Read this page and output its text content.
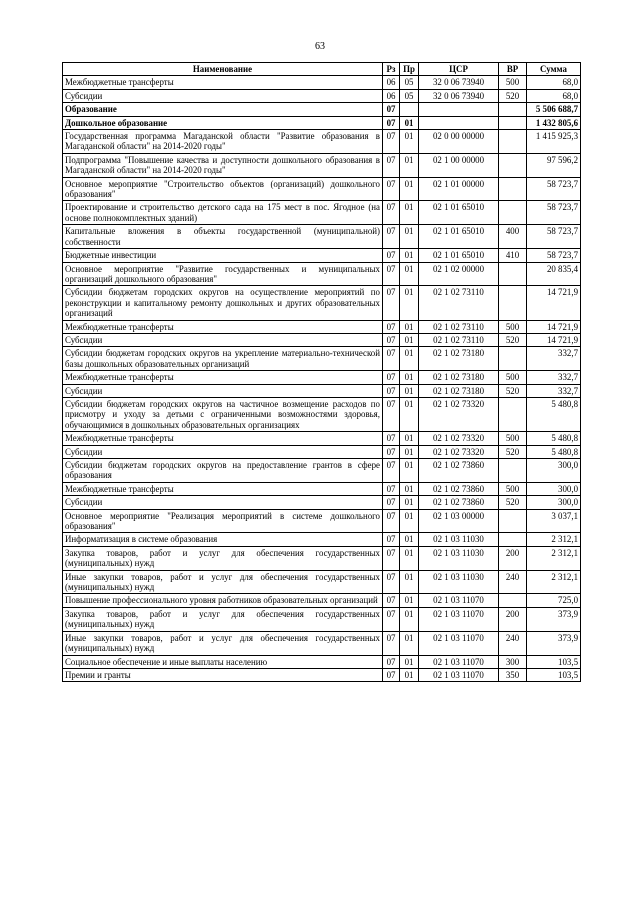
63
Наименование	Рз	Пр	ЦСР	ВР	Сумма
Межбюджетные трансферты	06	05	32 0 06 73940	500	68,0
Субсидии	06	05	32 0 06 73940	520	68,0
Образование	07				5 506 688,7
Дошкольное образование	07	01			1 432 805,6
Государственная программа Магаданской области "Развитие образования в Магаданской области" на 2014-2020 годы"	07	01	02 0 00 00000		1 415 925,3
Подпрограмма "Повышение качества и доступности дошкольного образования в Магаданской области" на 2014-2020 годы"	07	01	02 1 00 00000		97 596,2
Основное мероприятие "Строительство объектов (организаций) дошкольного образования"	07	01	02 1 01 00000		58 723,7
Проектирование и строительство детского сада на 175 мест в пос. Ягодное (на основе полнокомплектных зданий)	07	01	02 1 01 65010		58 723,7
Капитальные вложения в объекты государственной (муниципальной) собственности	07	01	02 1 01 65010	400	58 723,7
Бюджетные инвестиции	07	01	02 1 01 65010	410	58 723,7
Основное мероприятие "Развитие государственных и муниципальных организаций дошкольного образования"	07	01	02 1 02 00000		20 835,4
Субсидии бюджетам городских округов на осуществление мероприятий по реконструкции и капитальному ремонту дошкольных и других образовательных организаций	07	01	02 1 02 73110		14 721,9
Межбюджетные трансферты	07	01	02 1 02 73110	500	14 721,9
Субсидии	07	01	02 1 02 73110	520	14 721,9
Субсидии бюджетам городских округов на укрепление материально-технической базы дошкольных образовательных организаций	07	01	02 1 02 73180		332,7
Межбюджетные трансферты	07	01	02 1 02 73180	500	332,7
Субсидии	07	01	02 1 02 73180	520	332,7
Субсидии бюджетам городских округов на частичное возмещение расходов по присмотру и уходу за детьми с ограниченными возможностями здоровья, обучающимися в дошкольных образовательных организациях	07	01	02 1 02 73320		5 480,8
Межбюджетные трансферты	07	01	02 1 02 73320	500	5 480,8
Субсидии	07	01	02 1 02 73320	520	5 480,8
Субсидии бюджетам городских округов на предоставление грантов в сфере образования	07	01	02 1 02 73860		300,0
Межбюджетные трансферты	07	01	02 1 02 73860	500	300,0
Субсидии	07	01	02 1 02 73860	520	300,0
Основное мероприятие "Реализация мероприятий в системе дошкольного образования"	07	01	02 1 03 00000		3 037,1
Информатизация в системе образования	07	01	02 1 03 11030		2 312,1
Закупка товаров, работ и услуг для обеспечения государственных (муниципальных) нужд	07	01	02 1 03 11030	200	2 312,1
Иные закупки товаров, работ и услуг для обеспечения государственных (муниципальных) нужд	07	01	02 1 03 11030	240	2 312,1
Повышение профессионального уровня работников образовательных организаций	07	01	02 1 03 11070		725,0
Закупка товаров, работ и услуг для обеспечения государственных (муниципальных) нужд	07	01	02 1 03 11070	200	373,9
Иные закупки товаров, работ и услуг для обеспечения государственных (муниципальных) нужд	07	01	02 1 03 11070	240	373,9
Социальное обеспечение и иные выплаты населению	07	01	02 1 03 11070	300	103,5
Премии и гранты	07	01	02 1 03 11070	350	103,5
